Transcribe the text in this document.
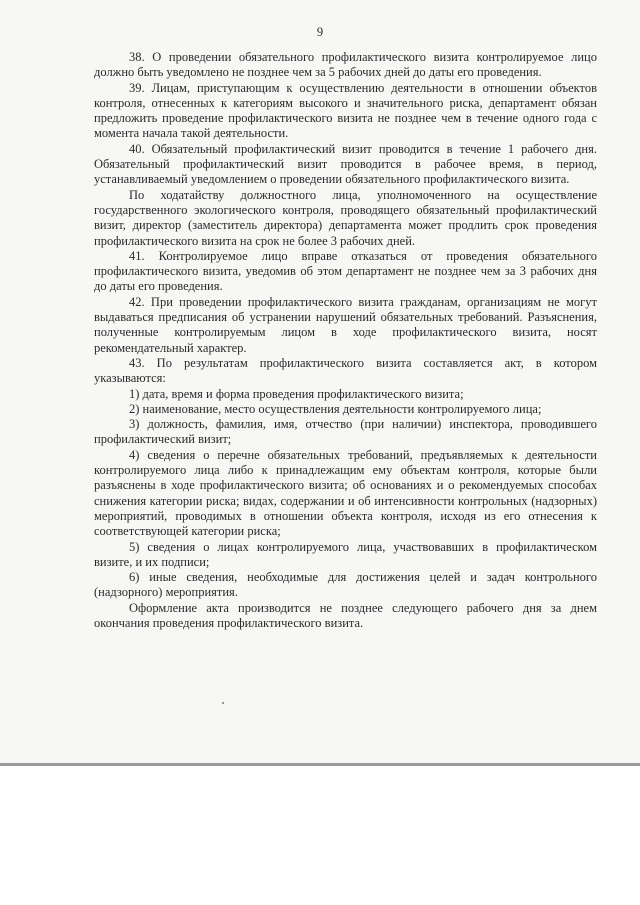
9

38. О проведении обязательного профилактического визита контролируемое лицо должно быть уведомлено не позднее чем за 5 рабочих дней до даты его проведения.

39. Лицам, приступающим к осуществлению деятельности в отношении объектов контроля, отнесенных к категориям высокого и значительного риска, департамент обязан предложить проведение профилактического визита не позднее чем в течение одного года с момента начала такой деятельности.

40. Обязательный профилактический визит проводится в течение 1 рабочего дня. Обязательный профилактический визит проводится в рабочее время, в период, устанавливаемый уведомлением о проведении обязательного профилактического визита.

По ходатайству должностного лица, уполномоченного на осуществление государственного экологического контроля, проводящего обязательный профилактический визит, директор (заместитель директора) департамента может продлить срок проведения профилактического визита на срок не более 3 рабочих дней.

41. Контролируемое лицо вправе отказаться от проведения обязательного профилактического визита, уведомив об этом департамент не позднее чем за 3 рабочих дня до даты его проведения.

42. При проведении профилактического визита гражданам, организациям не могут выдаваться предписания об устранении нарушений обязательных требований. Разъяснения, полученные контролируемым лицом в ходе профилактического визита, носят рекомендательный характер.

43. По результатам профилактического визита составляется акт, в котором указываются:

1) дата, время и форма проведения профилактического визита;

2) наименование, место осуществления деятельности контролируемого лица;

3) должность, фамилия, имя, отчество (при наличии) инспектора, проводившего профилактический визит;

4) сведения о перечне обязательных требований, предъявляемых к деятельности контролируемого лица либо к принадлежащим ему объектам контроля, которые были разъяснены в ходе профилактического визита; об основаниях и о рекомендуемых способах снижения категории риска; видах, содержании и об интенсивности контрольных (надзорных) мероприятий, проводимых в отношении объекта контроля, исходя из его отнесения к соответствующей категории риска;

5) сведения о лицах контролируемого лица, участвовавших в профилактическом визите, и их подписи;

6) иные сведения, необходимые для достижения целей и задач контрольного (надзорного) мероприятия.

Оформление акта производится не позднее следующего рабочего дня за днем окончания проведения профилактического визита.
